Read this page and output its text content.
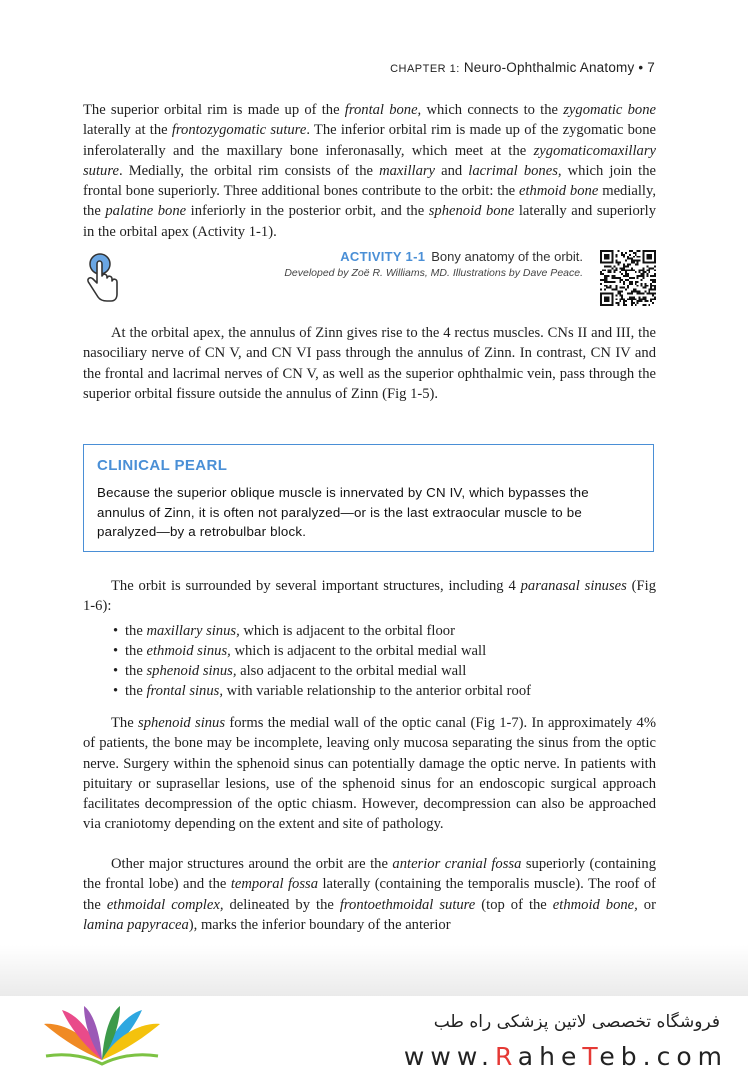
CHAPTER 1: Neuro-Ophthalmic Anatomy • 7

The superior orbital rim is made up of the frontal bone, which connects to the zygomatic bone laterally at the frontozygomatic suture. The inferior orbital rim is made up of the zygomatic bone inferolaterally and the maxillary bone inferonasally, which meet at the zygomaticomaxillary suture. Medially, the orbital rim consists of the maxillary and lacrimal bones, which join the frontal bone superiorly. Three additional bones contribute to the orbit: the ethmoid bone medially, the palatine bone inferiorly in the posterior orbit, and the sphenoid bone laterally and superiorly in the orbital apex (Activity 1-1).

ACTIVITY 1-1 Bony anatomy of the orbit.
Developed by Zoë R. Williams, MD. Illustrations by Dave Peace.

At the orbital apex, the annulus of Zinn gives rise to the 4 rectus muscles. CNs II and III, the nasociliary nerve of CN V, and CN VI pass through the annulus of Zinn. In contrast, CN IV and the frontal and lacrimal nerves of CN V, as well as the superior ophthalmic vein, pass through the superior orbital fissure outside the annulus of Zinn (Fig 1-5).

CLINICAL PEARL
Because the superior oblique muscle is innervated by CN IV, which bypasses the annulus of Zinn, it is often not paralyzed—or is the last extraocular muscle to be paralyzed—by a retrobulbar block.

The orbit is surrounded by several important structures, including 4 paranasal sinuses (Fig 1-6):

• the maxillary sinus, which is adjacent to the orbital floor
• the ethmoid sinus, which is adjacent to the orbital medial wall
• the sphenoid sinus, also adjacent to the orbital medial wall
• the frontal sinus, with variable relationship to the anterior orbital roof

The sphenoid sinus forms the medial wall of the optic canal (Fig 1-7). In approximately 4% of patients, the bone may be incomplete, leaving only mucosa separating the sinus from the optic nerve. Surgery within the sphenoid sinus can potentially damage the optic nerve. In patients with pituitary or suprasellar lesions, use of the sphenoid sinus for an endoscopic surgical approach facilitates decompression of the optic chiasm. However, decompression can also be approached via craniotomy depending on the extent and site of pathology.

Other major structures around the orbit are the anterior cranial fossa superiorly (containing the frontal lobe) and the temporal fossa laterally (containing the temporalis muscle). The roof of the ethmoidal complex, delineated by the frontoethmoidal suture (top of the ethmoid bone, or lamina papyracea), marks the inferior boundary of the anterior

فروشگاه تخصصی لاتین پزشکی راه طب
www.RaheTeb.com
